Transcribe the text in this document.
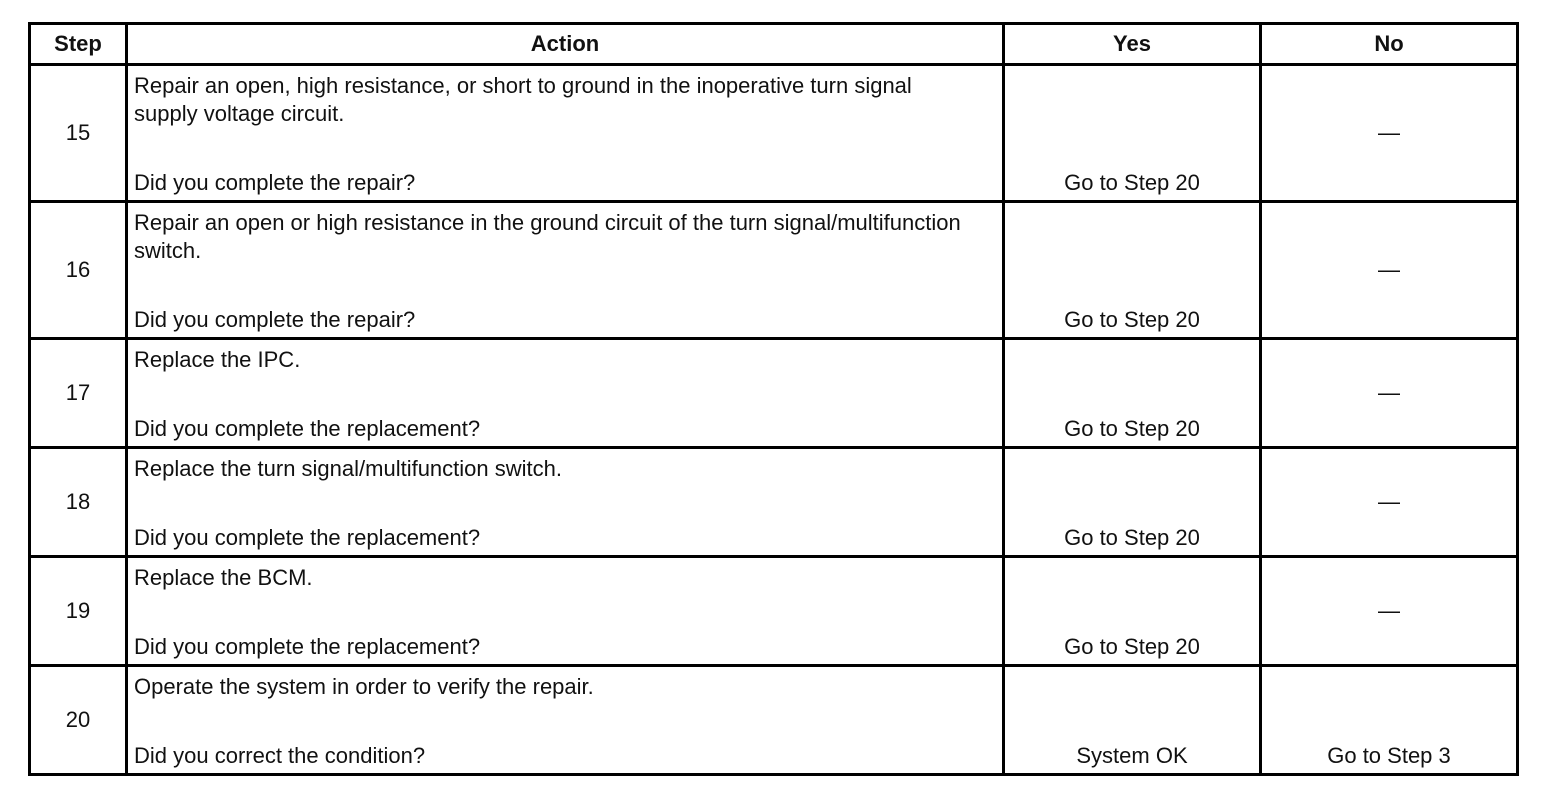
Step	Action	Yes	No
15	Repair an open, high resistance, or short to ground in the inoperative turn signal supply voltage circuit.
Did you complete the repair?	Go to Step 20	—

16	Repair an open or high resistance in the ground circuit of the turn signal/multifunction switch.
Did you complete the repair?	Go to Step 20	—

17	Replace the IPC.
Did you complete the replacement?	Go to Step 20	—

18	Replace the turn signal/multifunction switch.
Did you complete the replacement?	Go to Step 20	—

19	Replace the BCM.
Did you complete the replacement?	Go to Step 20	—

20	Operate the system in order to verify the repair.
Did you correct the condition?	System OK	Go to Step 3
